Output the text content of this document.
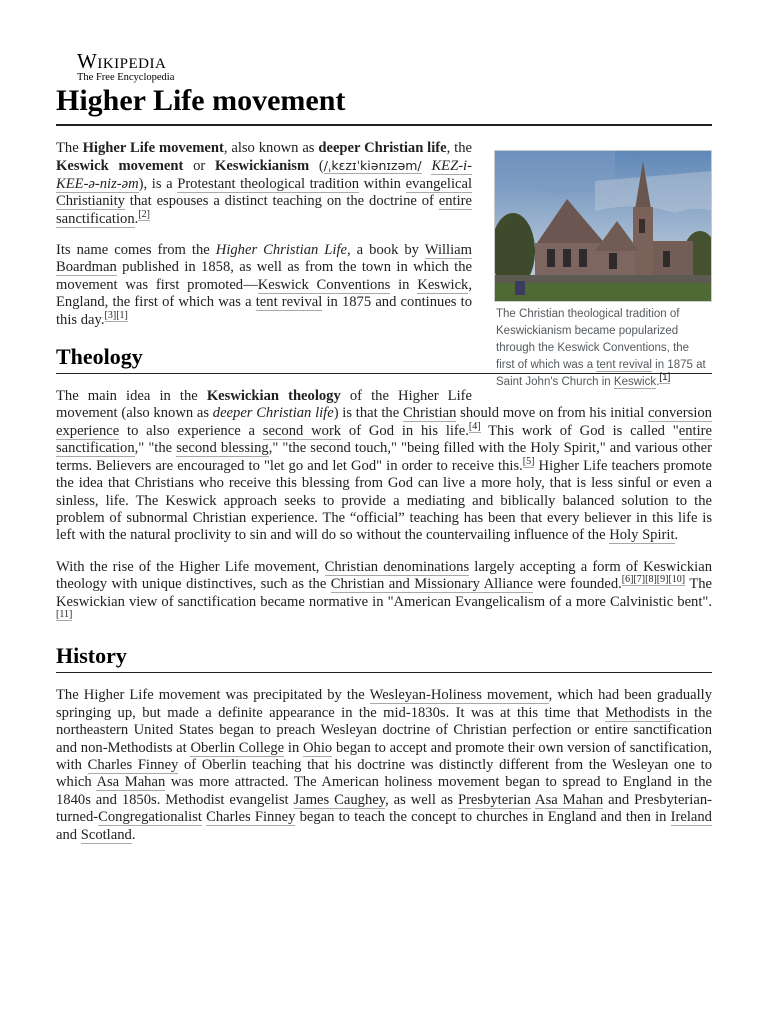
Wikipedia
The Free Encyclopedia
Higher Life movement
The Christian theological tradition of Keswickianism became popularized through the Keswick Conventions, the first of which was a tent revival in 1875 at Saint John's Church in Keswick.[1]

The Higher Life movement, also known as deeper Christian life, the Keswick movement or Keswickianism (/ˌkɛzɪˈkiənɪzəm/ KEZ-i-KEE-ə-niz-əm), is a Protestant theological tradition within evangelical Christianity that espouses a distinct teaching on the doctrine of entire sanctification.[2]

Its name comes from the Higher Christian Life, a book by William Boardman published in 1858, as well as from the town in which the movement was first promoted—Keswick Conventions in Keswick, England, the first of which was a tent revival in 1875 and continues to this day.[3][1]

Theology

The main idea in the Keswickian theology of the Higher Life movement (also known as deeper Christian life) is that the Christian should move on from his initial conversion experience to also experience a second work of God in his life.[4] This work of God is called "entire sanctification," "the second blessing," "the second touch," "being filled with the Holy Spirit," and various other terms. Believers are encouraged to "let go and let God" in order to receive this.[5] Higher Life teachers promote the idea that Christians who receive this blessing from God can live a more holy, that is less sinful or even a sinless, life. The Keswick approach seeks to provide a mediating and biblically balanced solution to the problem of subnormal Christian experience. The “official” teaching has been that every believer in this life is left with the natural proclivity to sin and will do so without the countervailing influence of the Holy Spirit.

With the rise of the Higher Life movement, Christian denominations largely accepting a form of Keswickian theology with unique distinctives, such as the Christian and Missionary Alliance were founded.[6][7][8][9][10] The Keswickian view of sanctification became normative in "American Evangelicalism of a more Calvinistic bent".[11]

History

The Higher Life movement was precipitated by the Wesleyan-Holiness movement, which had been gradually springing up, but made a definite appearance in the mid-1830s. It was at this time that Methodists in the northeastern United States began to preach Wesleyan doctrine of Christian perfection or entire sanctification and non-Methodists at Oberlin College in Ohio began to accept and promote their own version of sanctification, with Charles Finney of Oberlin teaching that his doctrine was distinctly different from the Wesleyan one to which Asa Mahan was more attracted. The American holiness movement began to spread to England in the 1840s and 1850s. Methodist evangelist James Caughey, as well as Presbyterian Asa Mahan and Presbyterian-turned-Congregationalist Charles Finney began to teach the concept to churches in England and then in Ireland and Scotland.
